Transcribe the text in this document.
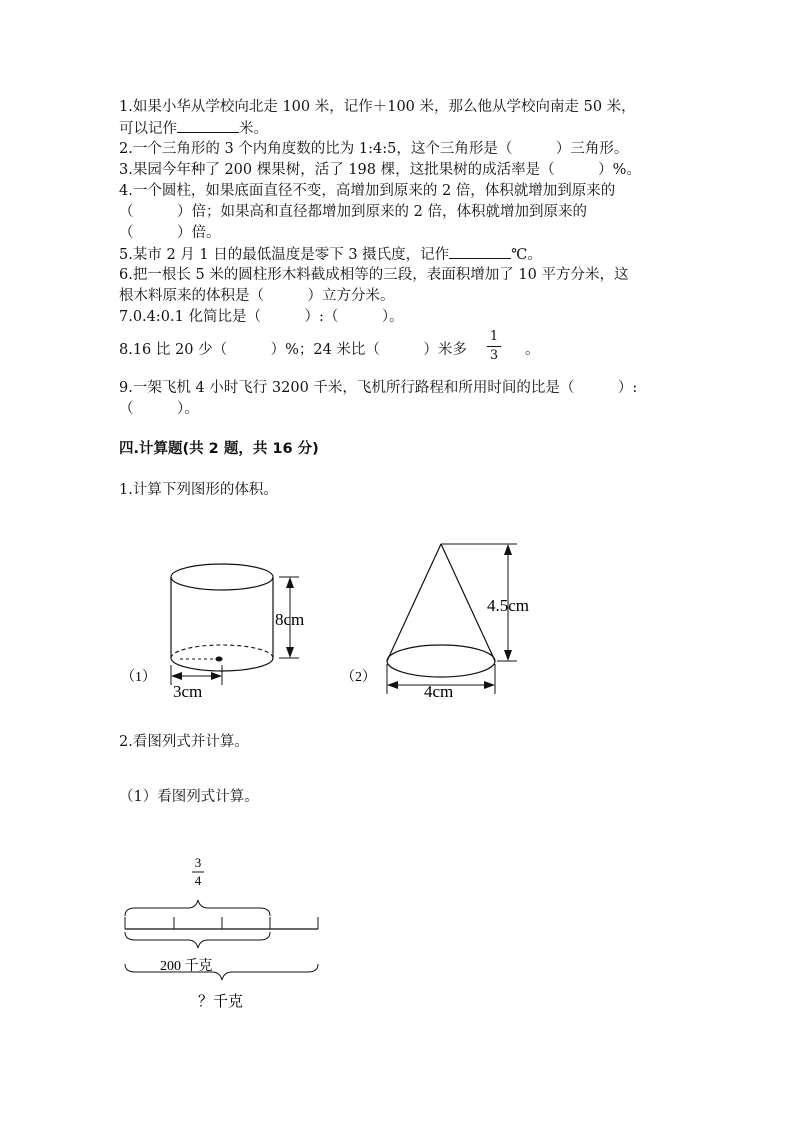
1.如果小华从学校向北走 100 米，记作＋100 米，那么他从学校向南走 50 米，
可以记作	米。
2.一个三角形的 3 个内角度数的比为 1:4:5，这个三角形是（　　　）三角形。
3.果园今年种了 200 棵果树，活了 198 棵，这批果树的成活率是（　　　）%。
4.一个圆柱，如果底面直径不变，高增加到原来的 2 倍，体积就增加到原来的
（　　　）倍；如果高和直径都增加到原来的 2 倍，体积就增加到原来的
（　　　）倍。
5.某市 2 月 1 日的最低温度是零下 3 摄氏度，记作	℃。
6.把一根长 5 米的圆柱形木料截成相等的三段，表面积增加了 10 平方分米，这
根木料原来的体积是（　　　）立方分米。
7.0.4:0.1 化简比是（　　　）:（　　　）。
8.16 比 20 少（　　　）%；24 米比（　　　）米多
1
3 。
9.一架飞机 4 小时飞行 3200 千米，飞机所行路程和所用时间的比是（　　　）:
（　　　）。
四.计算题(共 2 题，共 16 分)
1.计算下列图形的体积。
8cm
3cm
（1）
4.5cm
4cm
（2）
2.看图列式并计算。
（1）看图列式计算。
3
4
200 千克
？千克
